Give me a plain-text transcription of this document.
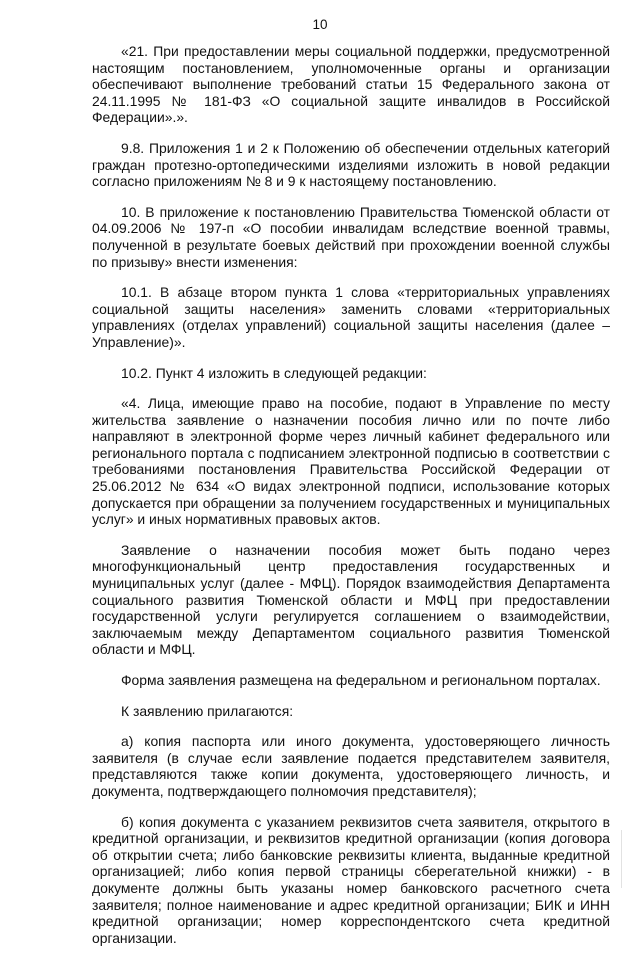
10

«21. При предоставлении меры социальной поддержки, предусмотренной настоящим постановлением, уполномоченные органы и организации обеспечивают выполнение требований статьи 15 Федерального закона от 24.11.1995 № 181-ФЗ «О социальной защите инвалидов в Российской Федерации».».

9.8. Приложения 1 и 2 к Положению об обеспечении отдельных категорий граждан протезно-ортопедическими изделиями изложить в новой редакции согласно приложениям № 8 и 9 к настоящему постановлению.

10. В приложение к постановлению Правительства Тюменской области от 04.09.2006 № 197-п «О пособии инвалидам вследствие военной травмы, полученной в результате боевых действий при прохождении военной службы по призыву» внести изменения:

10.1. В абзаце втором пункта 1 слова «территориальных управлениях социальной защиты населения» заменить словами «территориальных управлениях (отделах управлений) социальной защиты населения (далее – Управление)».

10.2. Пункт 4 изложить в следующей редакции:

«4. Лица, имеющие право на пособие, подают в Управление по месту жительства заявление о назначении пособия лично или по почте либо направляют в электронной форме через личный кабинет федерального или регионального портала с подписанием электронной подписью в соответствии с требованиями постановления Правительства Российской Федерации от 25.06.2012 № 634 «О видах электронной подписи, использование которых допускается при обращении за получением государственных и муниципальных услуг» и иных нормативных правовых актов.

Заявление о назначении пособия может быть подано через многофункциональный центр предоставления государственных и муниципальных услуг (далее - МФЦ). Порядок взаимодействия Департамента социального развития Тюменской области и МФЦ при предоставлении государственной услуги регулируется соглашением о взаимодействии, заключаемым между Департаментом социального развития Тюменской области и МФЦ.

Форма заявления размещена на федеральном и региональном порталах.

К заявлению прилагаются:

а) копия паспорта или иного документа, удостоверяющего личность заявителя (в случае если заявление подается представителем заявителя, представляются также копии документа, удостоверяющего личность, и документа, подтверждающего полномочия представителя);

б) копия документа с указанием реквизитов счета заявителя, открытого в кредитной организации, и реквизитов кредитной организации (копия договора об открытии счета; либо банковские реквизиты клиента, выданные кредитной организацией; либо копия первой страницы сберегательной книжки) - в документе должны быть указаны номер банковского расчетного счета заявителя; полное наименование и адрес кредитной организации; БИК и ИНН кредитной организации; номер корреспондентского счета кредитной организации.
